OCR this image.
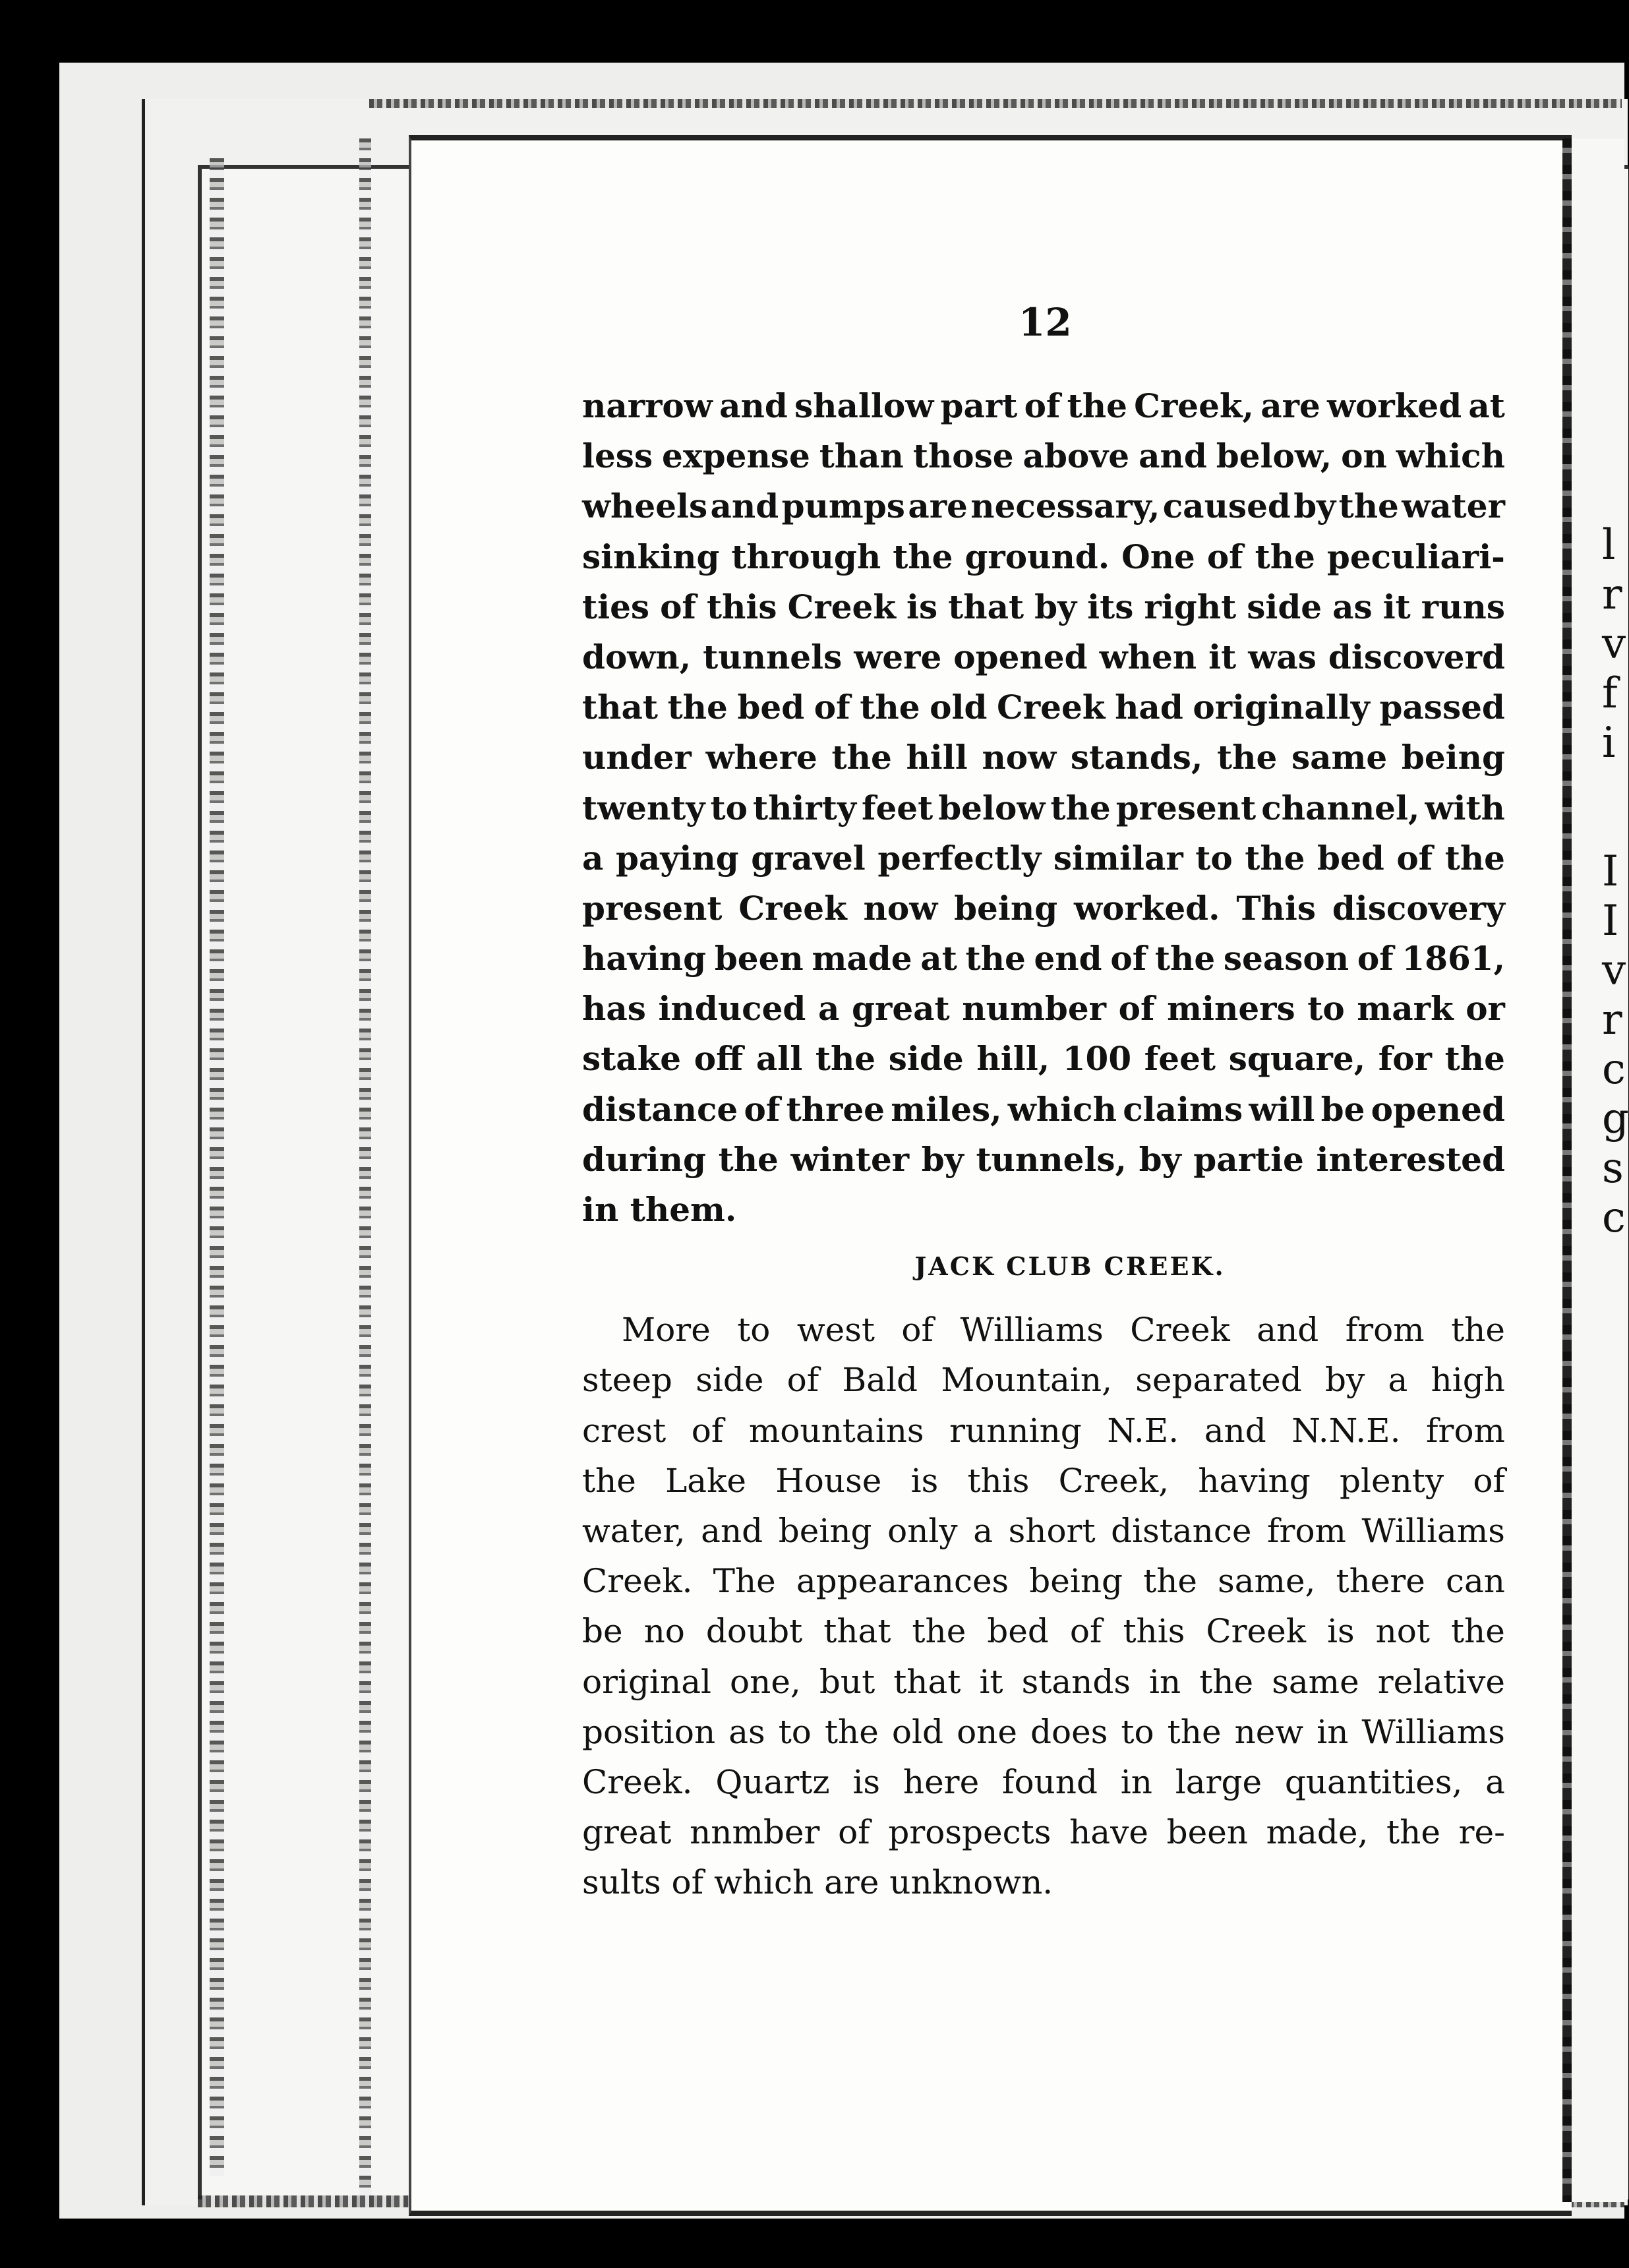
12
narrow and shallow part of the Creek, are worked at
less expense than those above and below, on which
wheels and pumps are necessary, caused by the water
sinking through the ground. One of the peculiari-
ties of this Creek is that by its right side as it runs
down, tunnels were opened when it was discoverd
that the bed of the old Creek had originally passed
under where the hill now stands, the same being
twenty to thirty feet below the present channel, with
a paying gravel perfectly similar to the bed of the
present Creek now being worked. This discovery
having been made at the end of the season of 1861,
has induced a great number of miners to mark or
stake off all the side hill, 100 feet square, for the
distance of three miles, which claims will be opened
during the winter by tunnels, by partie interested
in them.
JACK CLUB CREEK.
More to west of Williams Creek and from the
steep side of Bald Mountain, separated by a high
crest of mountains running N.E. and N.N.E. from
the Lake House is this Creek, having plenty of
water, and being only a short distance from Williams
Creek. The appearances being the same, there can
be no doubt that the bed of this Creek is not the
original one, but that it stands in the same relative
position as to the old one does to the new in Williams
Creek. Quartz is here found in large quantities, a
great nnmber of prospects have been made, the re-
sults of which are unknown.
l
r
v
f
i
I
I
v
r
c
g
s
c
